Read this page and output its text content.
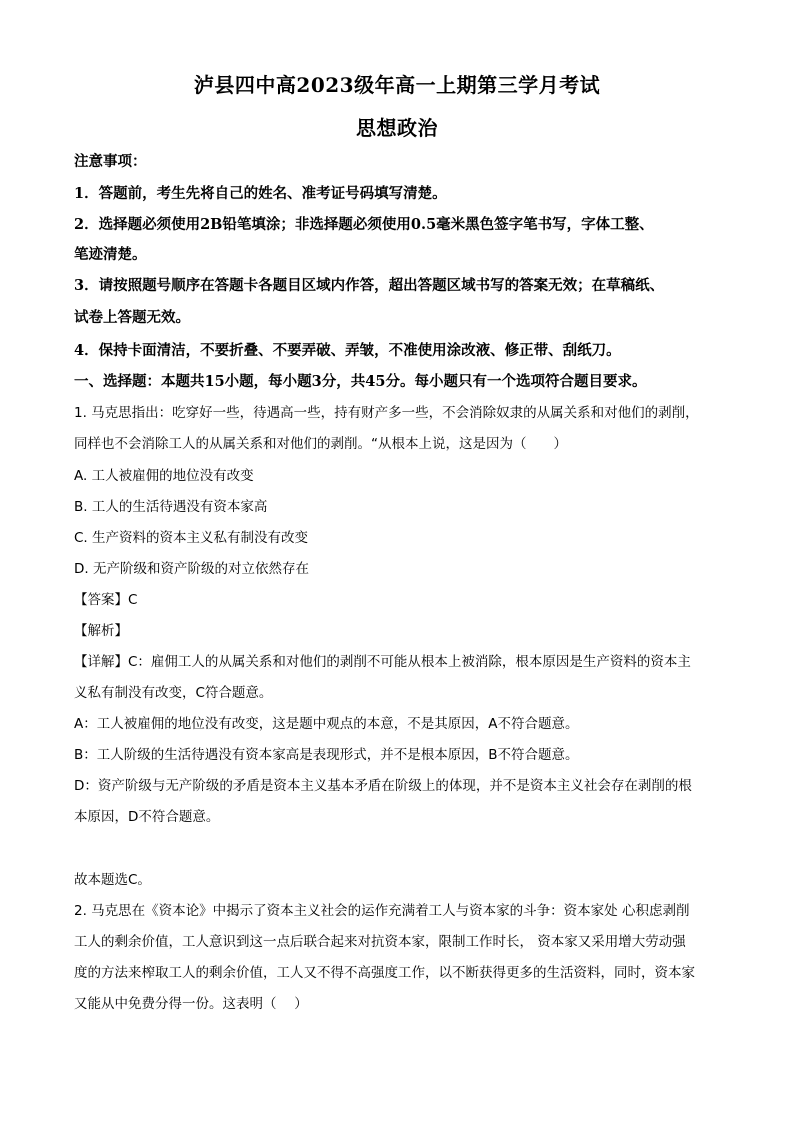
泸县四中高2023级年高一上期第三学月考试
思想政治
注意事项：
1．答题前，考生先将自己的姓名、准考证号码填写清楚。
2．选择题必须使用2B铅笔填涂；非选择题必须使用0.5毫米黑色签字笔书写，字体工整、
笔迹清楚。
3．请按照题号顺序在答题卡各题目区域内作答，超出答题区域书写的答案无效；在草稿纸、
试卷上答题无效。
4．保持卡面清洁，不要折叠、不要弄破、弄皱，不准使用涂改液、修正带、刮纸刀。
一、选择题：本题共15小题，每小题3分，共45分。每小题只有一个选项符合题目要求。
1. 马克思指出：吃穿好一些，待遇高一些，持有财产多一些，不会消除奴隶的从属关系和对他们的剥削，
同样也不会消除工人的从属关系和对他们的剥削。“从根本上说，这是因为（　　）
A. 工人被雇佣的地位没有改变
B. 工人的生活待遇没有资本家高
C. 生产资料的资本主义私有制没有改变
D. 无产阶级和资产阶级的对立依然存在
【答案】C
【解析】
【详解】C：雇佣工人的从属关系和对他们的剥削不可能从根本上被消除，根本原因是生产资料的资本主
义私有制没有改变，C符合题意。
A：工人被雇佣的地位没有改变，这是题中观点的本意，不是其原因，A不符合题意。
B：工人阶级的生活待遇没有资本家高是表现形式，并不是根本原因，B不符合题意。
D：资产阶级与无产阶级的矛盾是资本主义基本矛盾在阶级上的体现，并不是资本主义社会存在剥削的根
本原因，D不符合题意。
故本题选C。
2. 马克思在《资本论》中揭示了资本主义社会的运作充满着工人与资本家的斗争：资本家处 心积虑剥削
工人的剩余价值，工人意识到这一点后联合起来对抗资本家，限制工作时长， 资本家又采用增大劳动强
度的方法来榨取工人的剩余价值，工人又不得不高强度工作，以不断获得更多的生活资料，同时，资本家
又能从中免费分得一份。这表明（　 ）
